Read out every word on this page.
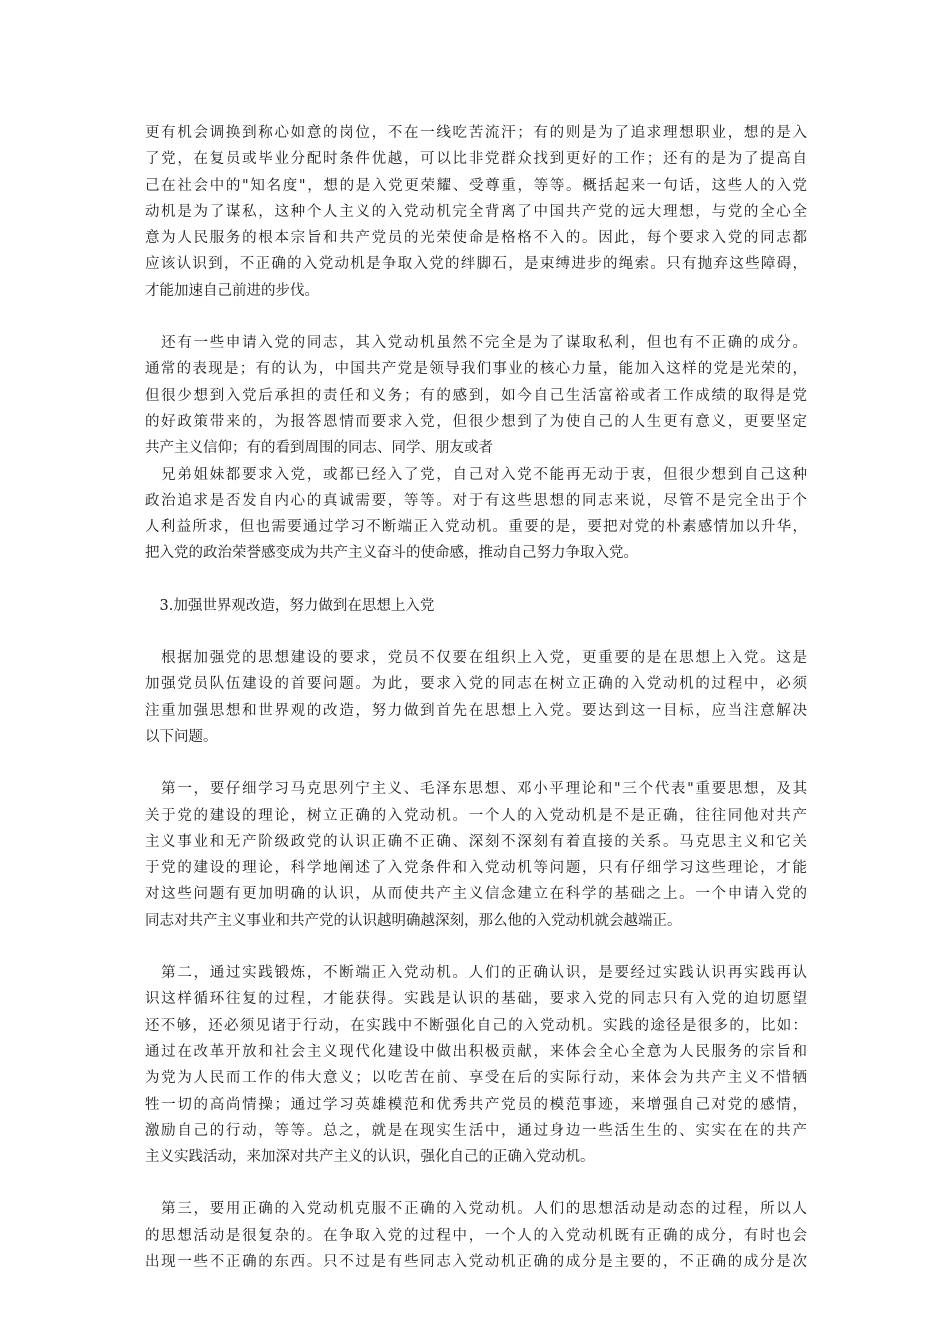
更有机会调换到称心如意的岗位，不在一线吃苦流汗；有的则是为了追求理想职业，想的是入
了党，在复员或毕业分配时条件优越，可以比非党群众找到更好的工作；还有的是为了提高自
己在社会中的"知名度"，想的是入党更荣耀、受尊重，等等。概括起来一句话，这些人的入党
动机是为了谋私，这种个人主义的入党动机完全背离了中国共产党的远大理想，与党的全心全
意为人民服务的根本宗旨和共产党员的光荣使命是格格不入的。因此，每个要求入党的同志都
应该认识到，不正确的入党动机是争取入党的绊脚石，是束缚进步的绳索。只有抛弃这些障碍，
才能加速自己前进的步伐。
　还有一些申请入党的同志，其入党动机虽然不完全是为了谋取私利，但也有不正确的成分。
通常的表现是；有的认为，中国共产党是领导我们事业的核心力量，能加入这样的党是光荣的，
但很少想到入党后承担的责任和义务；有的感到，如今自己生活富裕或者工作成绩的取得是党
的好政策带来的，为报答恩情而要求入党，但很少想到了为使自己的人生更有意义，更要坚定
共产主义信仰；有的看到周围的同志、同学、朋友或者
　兄弟姐妹都要求入党，或都已经入了党，自己对入党不能再无动于衷，但很少想到自己这种
政治追求是否发自内心的真诚需要，等等。对于有这些思想的同志来说，尽管不是完全出于个
人利益所求，但也需要通过学习不断端正入党动机。重要的是，要把对党的朴素感情加以升华，
把入党的政治荣誉感变成为共产主义奋斗的使命感，推动自己努力争取入党。
　3.加强世界观改造，努力做到在思想上入党
　根据加强党的思想建设的要求，党员不仅要在组织上入党，更重要的是在思想上入党。这是
加强党员队伍建设的首要问题。为此，要求入党的同志在树立正确的入党动机的过程中，必须
注重加强思想和世界观的改造，努力做到首先在思想上入党。要达到这一目标，应当注意解决
以下问题。
　第一，要仔细学习马克思列宁主义、毛泽东思想、邓小平理论和"三个代表"重要思想，及其
关于党的建设的理论，树立正确的入党动机。一个人的入党动机是不是正确，往往同他对共产
主义事业和无产阶级政党的认识正确不正确、深刻不深刻有着直接的关系。马克思主义和它关
于党的建设的理论，科学地阐述了入党条件和入党动机等问题，只有仔细学习这些理论，才能
对这些问题有更加明确的认识，从而使共产主义信念建立在科学的基础之上。一个申请入党的
同志对共产主义事业和共产党的认识越明确越深刻，那么他的入党动机就会越端正。
　第二，通过实践锻炼，不断端正入党动机。人们的正确认识，是要经过实践认识再实践再认
识这样循环往复的过程，才能获得。实践是认识的基础，要求入党的同志只有入党的迫切愿望
还不够，还必须见诸于行动，在实践中不断强化自己的入党动机。实践的途径是很多的，比如：
通过在改革开放和社会主义现代化建设中做出积极贡献，来体会全心全意为人民服务的宗旨和
为党为人民而工作的伟大意义；以吃苦在前、享受在后的实际行动，来体会为共产主义不惜牺
牲一切的高尚情操；通过学习英雄模范和优秀共产党员的模范事迹，来增强自己对党的感情，
激励自己的行动，等等。总之，就是在现实生活中，通过身边一些活生生的、实实在在的共产
主义实践活动，来加深对共产主义的认识，强化自己的正确入党动机。
　第三，要用正确的入党动机克服不正确的入党动机。人们的思想活动是动态的过程，所以人
的思想活动是很复杂的。在争取入党的过程中，一个人的入党动机既有正确的成分，有时也会
出现一些不正确的东西。只不过是有些同志入党动机正确的成分是主要的，不正确的成分是次
